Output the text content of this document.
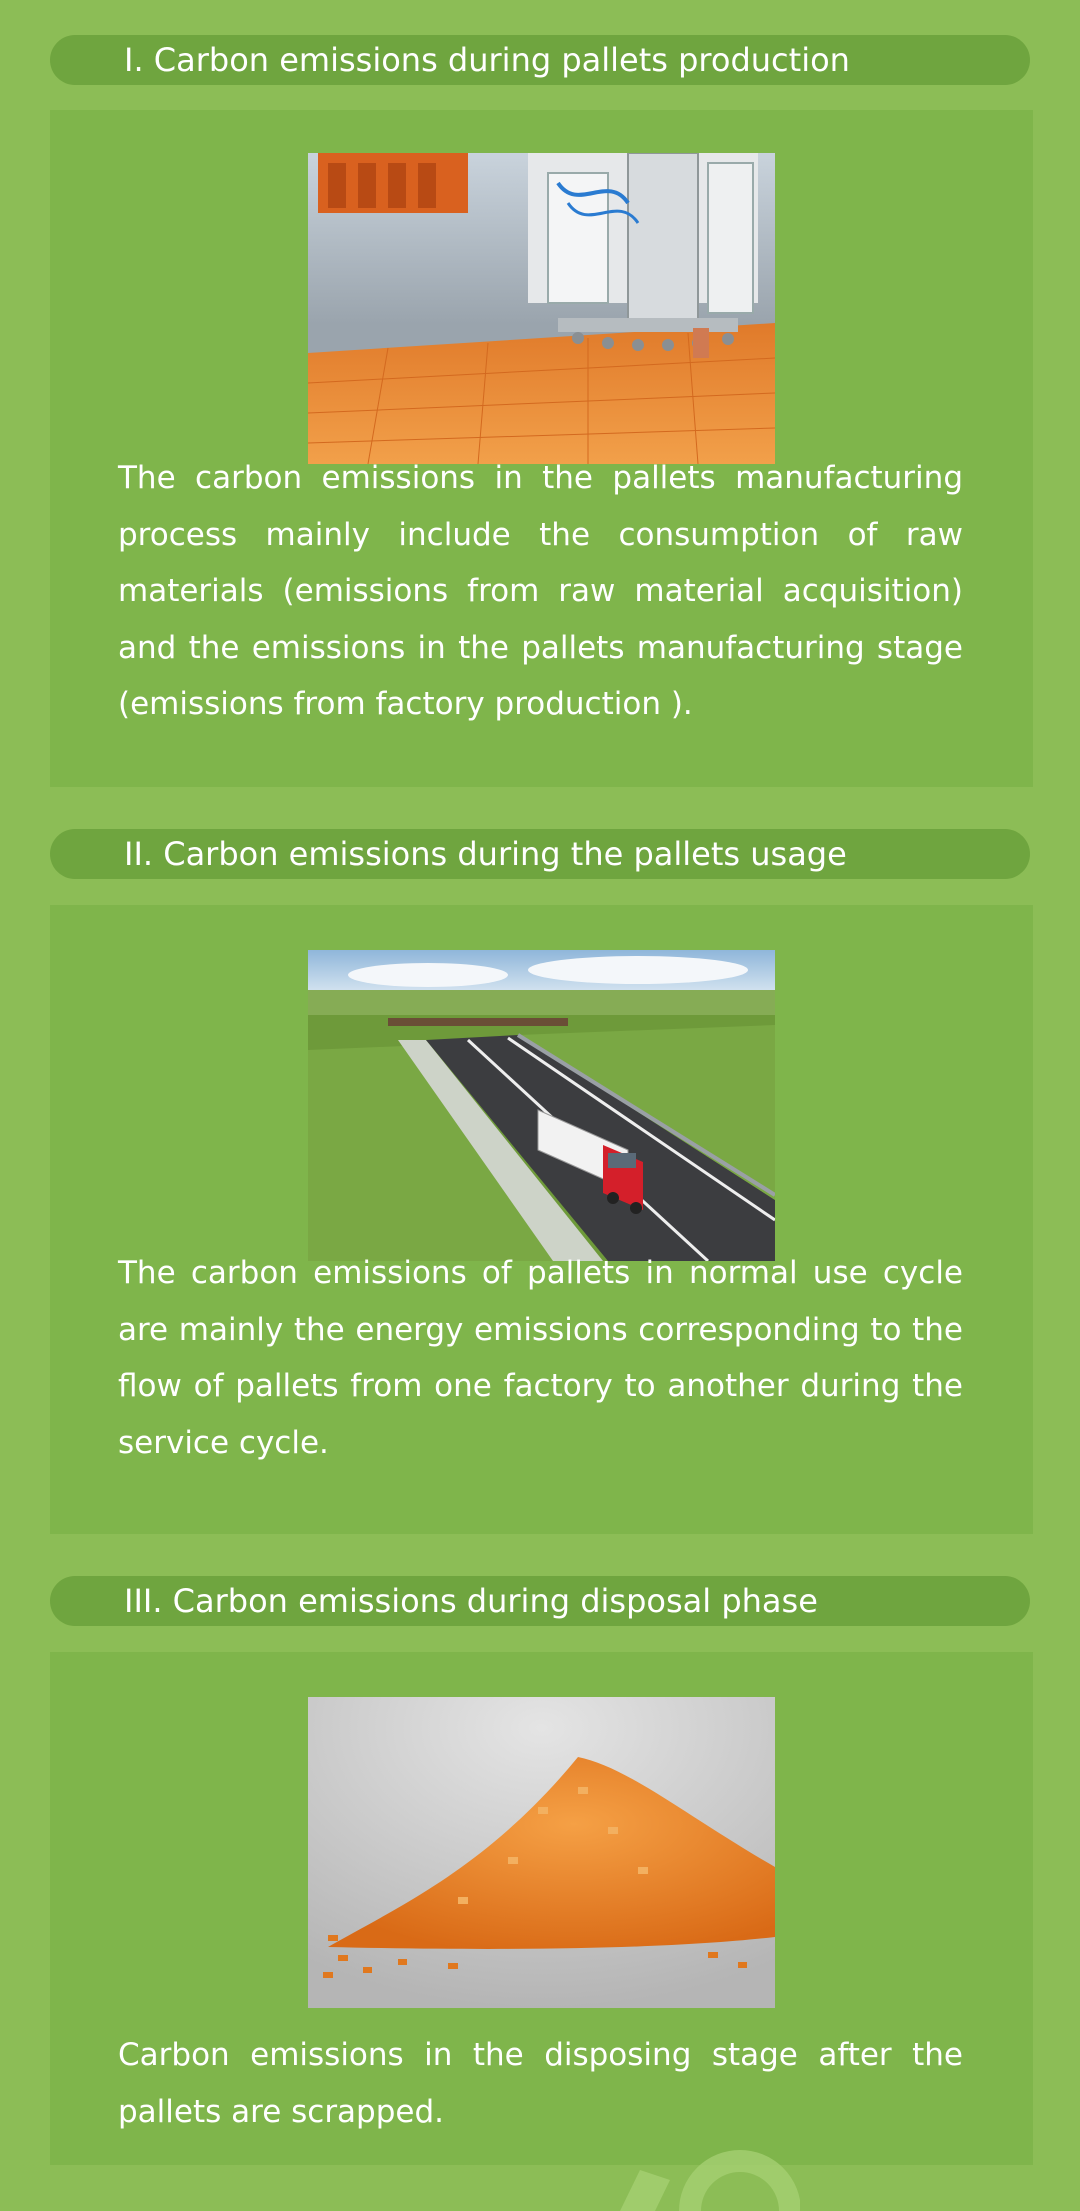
I. Carbon emissions during pallets production
The carbon emissions in the pallets manufacturing process mainly include the consumption of raw materials (emissions from raw material acquisition) and the emissions in the pallets manufacturing stage (emissions from factory production ).
II. Carbon emissions during the pallets usage
The carbon emissions of pallets in normal use cycle are mainly the energy emissions corresponding to the flow of pallets from one factory to another during the service cycle.
III. Carbon emissions during disposal phase
Carbon emissions in the disposing stage after the pallets are scrapped.
